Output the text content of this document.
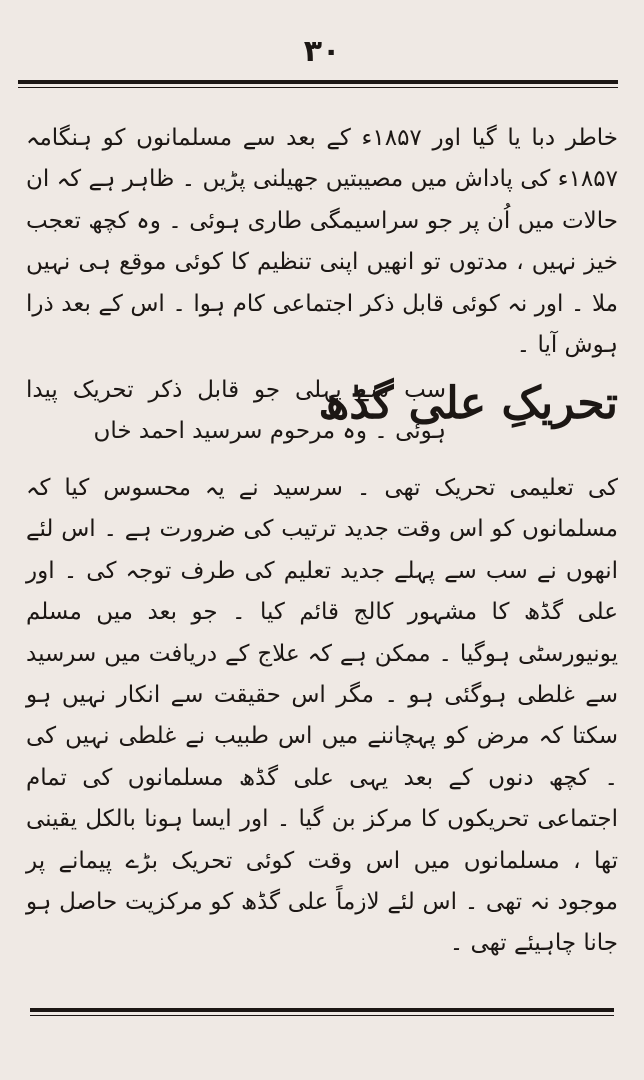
۳۰
خاطر دبا یا گیا اور ۱۸۵۷ء کے بعد سے مسلمانوں کو ہنگامہ ۱۸۵۷ء کی پاداش میں مصیبتیں جھیلنی پڑیں ۔ ظاہر ہے کہ ان حالات میں اُن پر جو سراسیمگی طاری ہوئی ۔ وہ کچھ تعجب خیز نہیں ، مدتوں تو انھیں اپنی تنظیم کا کوئی موقع ہی نہیں ملا ۔ اور نہ کوئی قابل ذکر اجتماعی کام ہوا ۔ اس کے بعد ذرا ہوش آیا ۔
تحریکِ علی گڈھ
سب سے پہلی جو قابل ذکر تحریک پیدا ہوئی ۔ وہ مرحوم سرسید احمد خاں
کی تعلیمی تحریک تھی ۔ سرسید نے یہ محسوس کیا کہ مسلمانوں کو اس وقت جدید ترتیب کی ضرورت ہے ۔ اس لئے انھوں نے سب سے پہلے جدید تعلیم کی طرف توجہ کی ۔ اور علی گڈھ کا مشہور کالج قائم کیا ۔ جو بعد میں مسلم یونیورسٹی ہوگیا ۔ ممکن ہے کہ علاج کے دریافت میں سرسید سے غلطی ہوگئی ہو ۔ مگر اس حقیقت سے انکار نہیں ہو سکتا کہ مرض کو پہچاننے میں اس طبیب نے غلطی نہیں کی ۔ کچھ دنوں کے بعد یہی علی گڈھ مسلمانوں کی تمام اجتماعی تحریکوں کا مرکز بن گیا ۔ اور ایسا ہونا بالکل یقینی تھا ، مسلمانوں میں اس وقت کوئی تحریک بڑے پیمانے پر موجود نہ تھی ۔ اس لئے لازماً علی گڈھ کو مرکزیت حاصل ہو جانا چاہیئے تھی ۔
